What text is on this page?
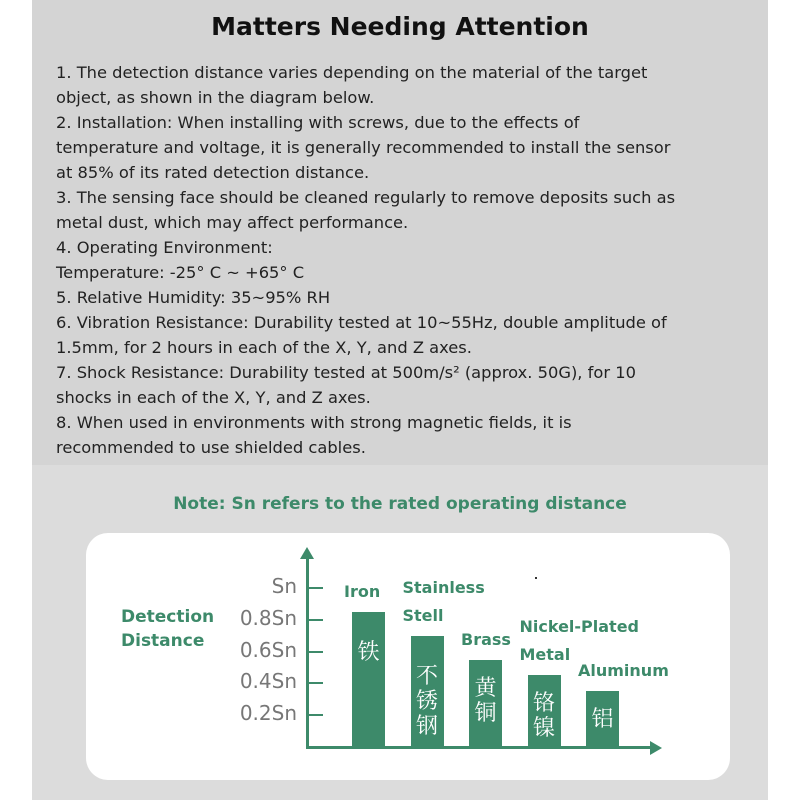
Matters Needing Attention
1. The detection distance varies depending on the material of the target
object, as shown in the diagram below.
2. Installation: When installing with screws, due to the effects of
temperature and voltage, it is generally recommended to install the sensor
at 85% of its rated detection distance.
3. The sensing face should be cleaned regularly to remove deposits such as
metal dust, which may affect performance.
4. Operating Environment:
Temperature: -25° C ~ +65° C
5. Relative Humidity: 35~95% RH
6. Vibration Resistance: Durability tested at 10~55Hz, double amplitude of
1.5mm, for 2 hours in each of the X, Y, and Z axes.
7. Shock Resistance: Durability tested at 500m/s² (approx. 50G), for 10
shocks in each of the X, Y, and Z axes.
8. When used in environments with strong magnetic fields, it is
recommended to use shielded cables.
Note: Sn refers to the rated operating distance
Sn
0.8Sn
0.6Sn
0.4Sn
0.2Sn
Detection
Distance	铁
Iron
不
锈
钢
Stainless
Stell
黄
铜
Brass
铬
镍
Nickel-Plated
Metal
铝
Aluminum
